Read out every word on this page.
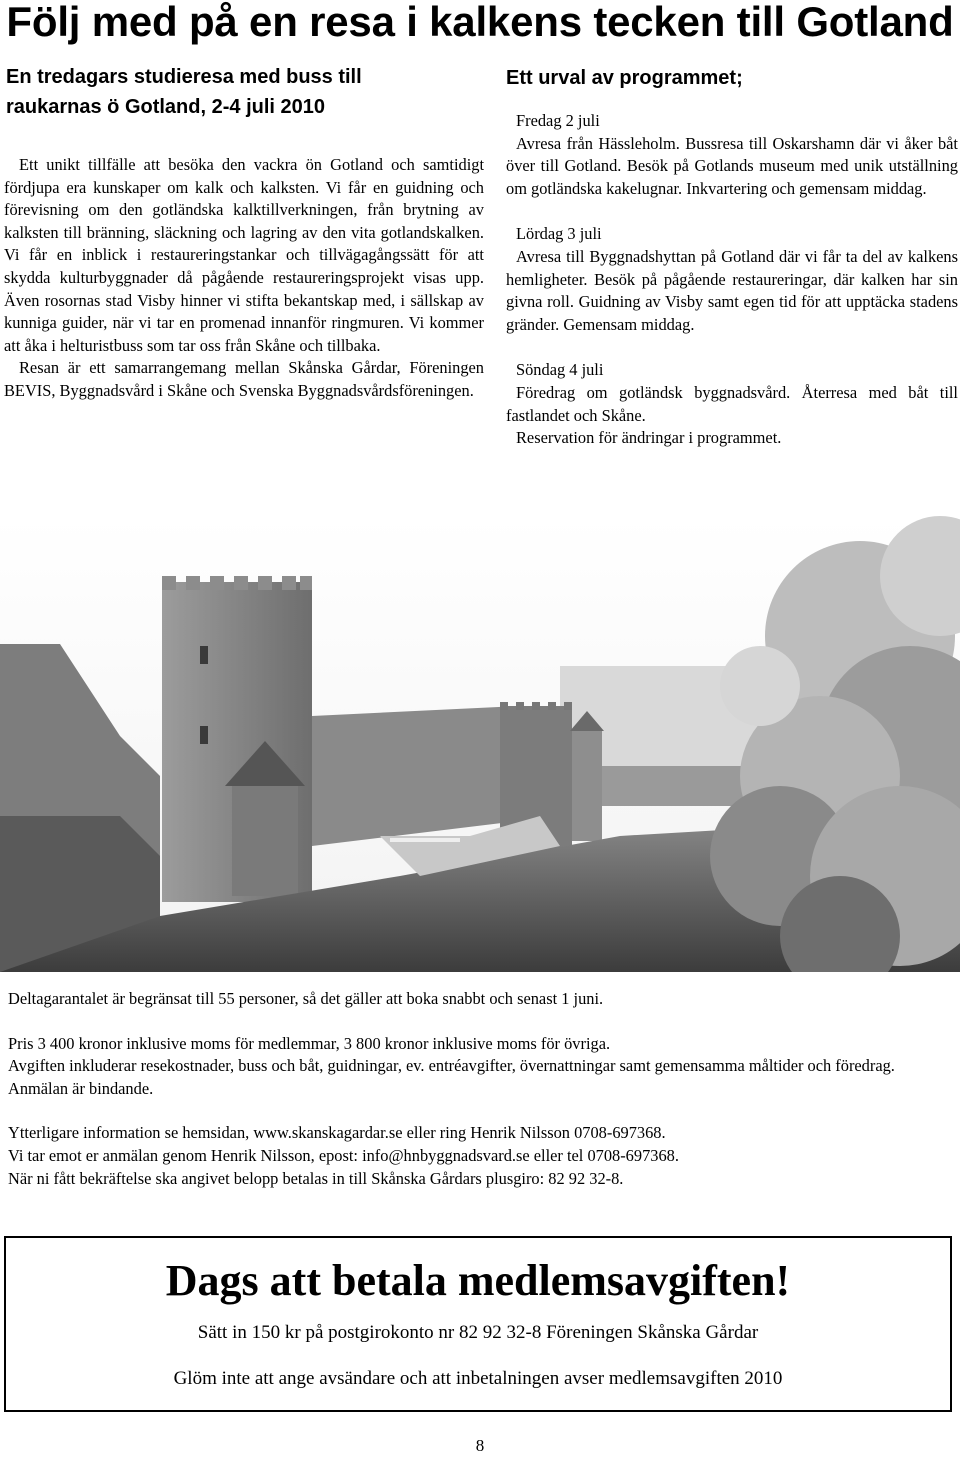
Följ med på en resa i kalkens tecken till Gotland
En tredagars studieresa med buss till
raukarnas ö Gotland, 2-4 juli 2010

Ett unikt tillfälle att besöka den vackra ön Gotland och samtidigt fördjupa era kunskaper om kalk och kalksten. Vi får en guidning och förevisning om den gotländska kalktillverkningen, från brytning av kalksten till bränning, släckning och lagring av den vita gotlandskalken. Vi får en inblick i restaureringstankar och tillvägagångssätt för att skydda kulturbyggnader då pågående restaureringsprojekt visas upp. Även rosornas stad Visby hinner vi stifta bekantskap med, i sällskap av kunniga guider, när vi tar en promenad innanför ringmuren. Vi kommer att åka i helturistbuss som tar oss från Skåne och tillbaka.

Resan är ett samarrangemang mellan Skånska Gårdar, Föreningen BEVIS, Byggnadsvård i Skåne och Svenska Byggnadsvårdsföreningen.

Ett urval av programmet;
Fredag 2 juli
Avresa från Hässleholm. Bussresa till Oskarshamn där vi åker båt över till Gotland. Besök på Gotlands museum med unik utställning om gotländska kakelugnar. Inkvartering och gemensam middag.
Lördag 3 juli
Avresa till Byggnadshyttan på Gotland där vi får ta del av kalkens hemligheter. Besök på pågående restaureringar, där kalken har sin givna roll. Guidning av Visby samt egen tid för att upptäcka stadens gränder. Gemensam middag.
Söndag 4 juli
Föredrag om gotländsk byggnadsvård. Återresa med båt till fastlandet och Skåne.
Reservation för ändringar i programmet.

Deltagarantalet är begränsat till 55 personer, så det gäller att boka snabbt och senast 1 juni.

Pris 3 400 kronor inklusive moms för medlemmar, 3 800 kronor inklusive moms för övriga.

Avgiften inkluderar resekostnader, buss och båt, guidningar, ev. entréavgifter, övernattningar samt gemensamma måltider och föredrag. Anmälan är bindande.

Ytterligare information se hemsidan, www.skanskagardar.se eller ring Henrik Nilsson 0708-697368.

Vi tar emot er anmälan genom Henrik Nilsson, epost: info@hnbyggnadsvard.se eller tel 0708-697368.

När ni fått bekräftelse ska angivet belopp betalas in till Skånska Gårdars plusgiro: 82 92 32-8.

Dags att betala medlemsavgiften!
Sätt in 150 kr på postgirokonto nr 82 92 32-8 Föreningen Skånska Gårdar
Glöm inte att ange avsändare och att inbetalningen avser medlemsavgiften 2010
8
